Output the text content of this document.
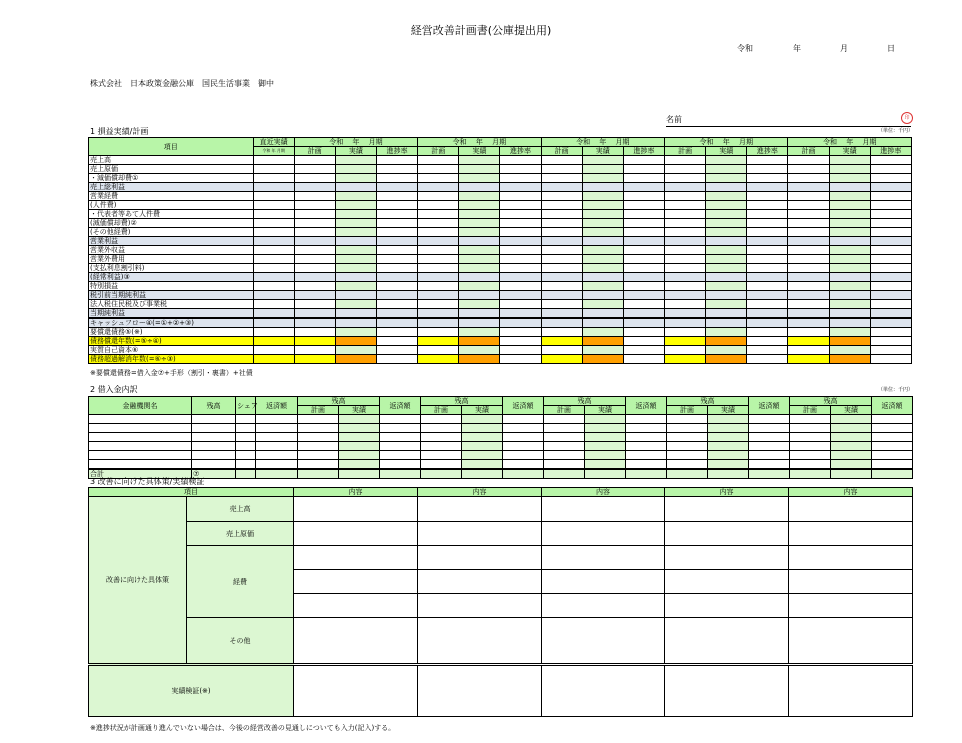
経営改善計画書(公庫提出用)
令和	年	月	日
株式会社　日本政策金融公庫　国民生活事業　御中
名前	印
1 損益実績/計画	（単位：千円）
項目	直近実績	令和　 年　 月期			令和　 年　 月期			令和　 年　 月期			令和　 年　 月期			令和　 年　 月期		
	令和 年 月期	計画	実績	進捗率	計画	実績	進捗率	計画	実績	進捗率	計画	実績	進捗率	計画	実績	進捗率
売上高																
売上原価																
・減価償却費①																
売上総利益																
営業経費																
(人件費)																
・代表者等あて人件費																
(減価償却費)②																
(その他経費)																
営業利益																
営業外収益																
営業外費用																
(支払利息割引料)																
(経常利益)③																
特別損益																
税引前当期純利益																
法人税住民税及び事業税																
当期純利益																
キャッシュフロー④(=①+②+③)																
要償還債務⑤(※)																
債務償還年数(=⑤÷④)																
実質自己資本⑥																
債務超過解消年数(=⑥÷③)																
※要償還債務=借入金⑦+手形（割引・裏書）+社債
2 借入金内訳	（単位：千円）
金融機関名	残高	シェア	返済額	残高		返済額	残高		返済額	残高		返済額	残高		返済額	残高		返済額
				計画	実績		計画	実績		計画	実績		計画	実績		計画	実績	

合計	⑦																	
3 改善に向けた具体策/実績検証
項目		内容	内容	内容	内容	内容
改善に向けた具体策	売上高					
	売上原価					
	経費					

	その他					
実績検証(※)						
※進捗状況が計画通り進んでいない場合は、今後の経営改善の見通しについても入力(記入)する。
